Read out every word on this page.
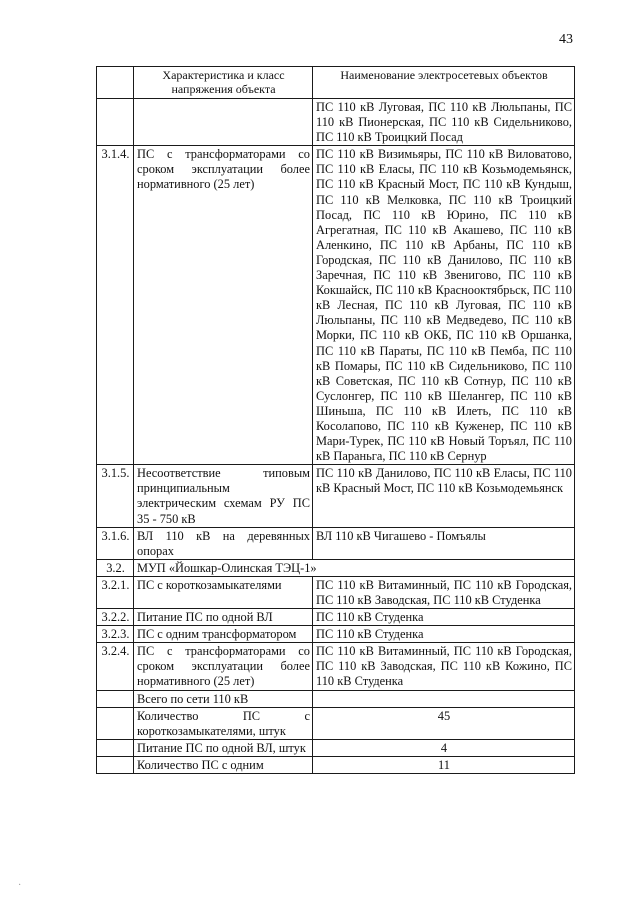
43
	Характеристика и класс напряжения объекта	Наименование электросетевых объектов
		ПС 110 кВ Луговая, ПС 110 кВ Люльпаны, ПС 110 кВ Пионерская, ПС 110 кВ Сидельниково, ПС 110 кВ Троицкий Посад
3.1.4.	ПС с трансформаторами со сроком эксплуатации более нормативного (25 лет)	ПС 110 кВ Визимьяры, ПС 110 кВ Виловатово, ПС 110 кВ Еласы, ПС 110 кВ Козьмодемьянск, ПС 110 кВ Красный Мост, ПС 110 кВ Кундыш, ПС 110 кВ Мелковка, ПС 110 кВ Троицкий Посад, ПС 110 кВ Юрино, ПС 110 кВ Агрегатная, ПС 110 кВ Акашево, ПС 110 кВ Аленкино, ПС 110 кВ Арбаны, ПС 110 кВ Городская, ПС 110 кВ Данилово, ПС 110 кВ Заречная, ПС 110 кВ Звенигово, ПС 110 кВ Кокшайск, ПС 110 кВ Краснооктябрьск, ПС 110 кВ Лесная, ПС 110 кВ Луговая, ПС 110 кВ Люльпаны, ПС 110 кВ Медведево, ПС 110 кВ Морки, ПС 110 кВ ОКБ, ПС 110 кВ Оршанка, ПС 110 кВ Параты, ПС 110 кВ Пемба, ПС 110 кВ Помары, ПС 110 кВ Сидельниково, ПС 110 кВ Советская, ПС 110 кВ Сотнур, ПС 110 кВ Суслонгер, ПС 110 кВ Шелангер, ПС 110 кВ Шиньша, ПС 110 кВ Илеть, ПС 110 кВ Косолапово, ПС 110 кВ Куженер, ПС 110 кВ Мари-Турек, ПС 110 кВ Новый Торъял, ПС 110 кВ Параньга, ПС 110 кВ Сернур
3.1.5.	Несоответствие типовым принципиальным электрическим схемам РУ ПС 35 - 750 кВ	ПС 110 кВ Данилово, ПС 110 кВ Еласы, ПС 110 кВ Красный Мост, ПС 110 кВ Козьмодемьянск
3.1.6.	ВЛ 110 кВ на деревянных опорах	ВЛ 110 кВ Чигашево - Помъялы
3.2.	МУП «Йошкар-Олинская ТЭЦ-1»	
3.2.1.	ПС с короткозамыкателями	ПС 110 кВ Витаминный, ПС 110 кВ Городская, ПС 110 кВ Заводская, ПС 110 кВ Студенка
3.2.2.	Питание ПС по одной ВЛ	ПС 110 кВ Студенка
3.2.3.	ПС с одним трансформатором	ПС 110 кВ Студенка
3.2.4.	ПС с трансформаторами со сроком эксплуатации более нормативного (25 лет)	ПС 110 кВ Витаминный, ПС 110 кВ Городская, ПС 110 кВ Заводская, ПС 110 кВ Кожино, ПС 110 кВ Студенка
	Всего по сети 110 кВ	
	Количество ПС с короткозамыкателями, штук	45
	Питание ПС по одной ВЛ, штук	4
	Количество ПС с одним	11
·
